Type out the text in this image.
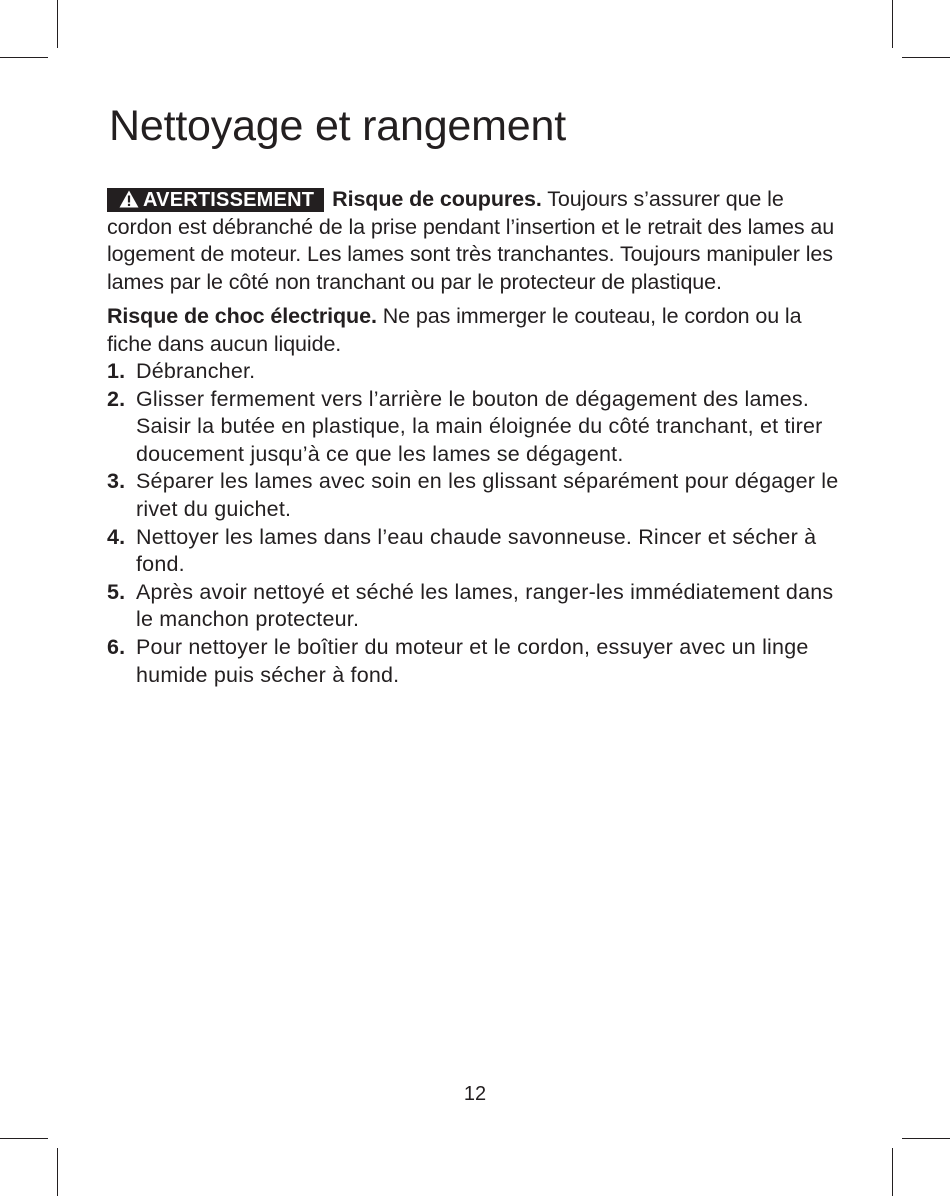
Nettoyage et rangement

AVERTISSEMENT Risque de coupures. Toujours s’assurer que le cordon est débranché de la prise pendant l’insertion et le retrait des lames au logement de moteur. Les lames sont très tranchantes. Toujours manipuler les lames par le côté non tranchant ou par le protecteur de plastique.

Risque de choc électrique. Ne pas immerger le couteau, le cordon ou la fiche dans aucun liquide.

1. Débrancher.
2. Glisser fermement vers l’arrière le bouton de dégagement des lames. Saisir la butée en plastique, la main éloignée du côté tranchant, et tirer doucement jusqu’à ce que les lames se dégagent.
3. Séparer les lames avec soin en les glissant séparément pour dégager le rivet du guichet.
4. Nettoyer les lames dans l’eau chaude savonneuse. Rincer et sécher à fond.
5. Après avoir nettoyé et séché les lames, ranger-les immédiatement dans le manchon protecteur.
6. Pour nettoyer le boîtier du moteur et le cordon, essuyer avec un linge humide puis sécher à fond.
12
